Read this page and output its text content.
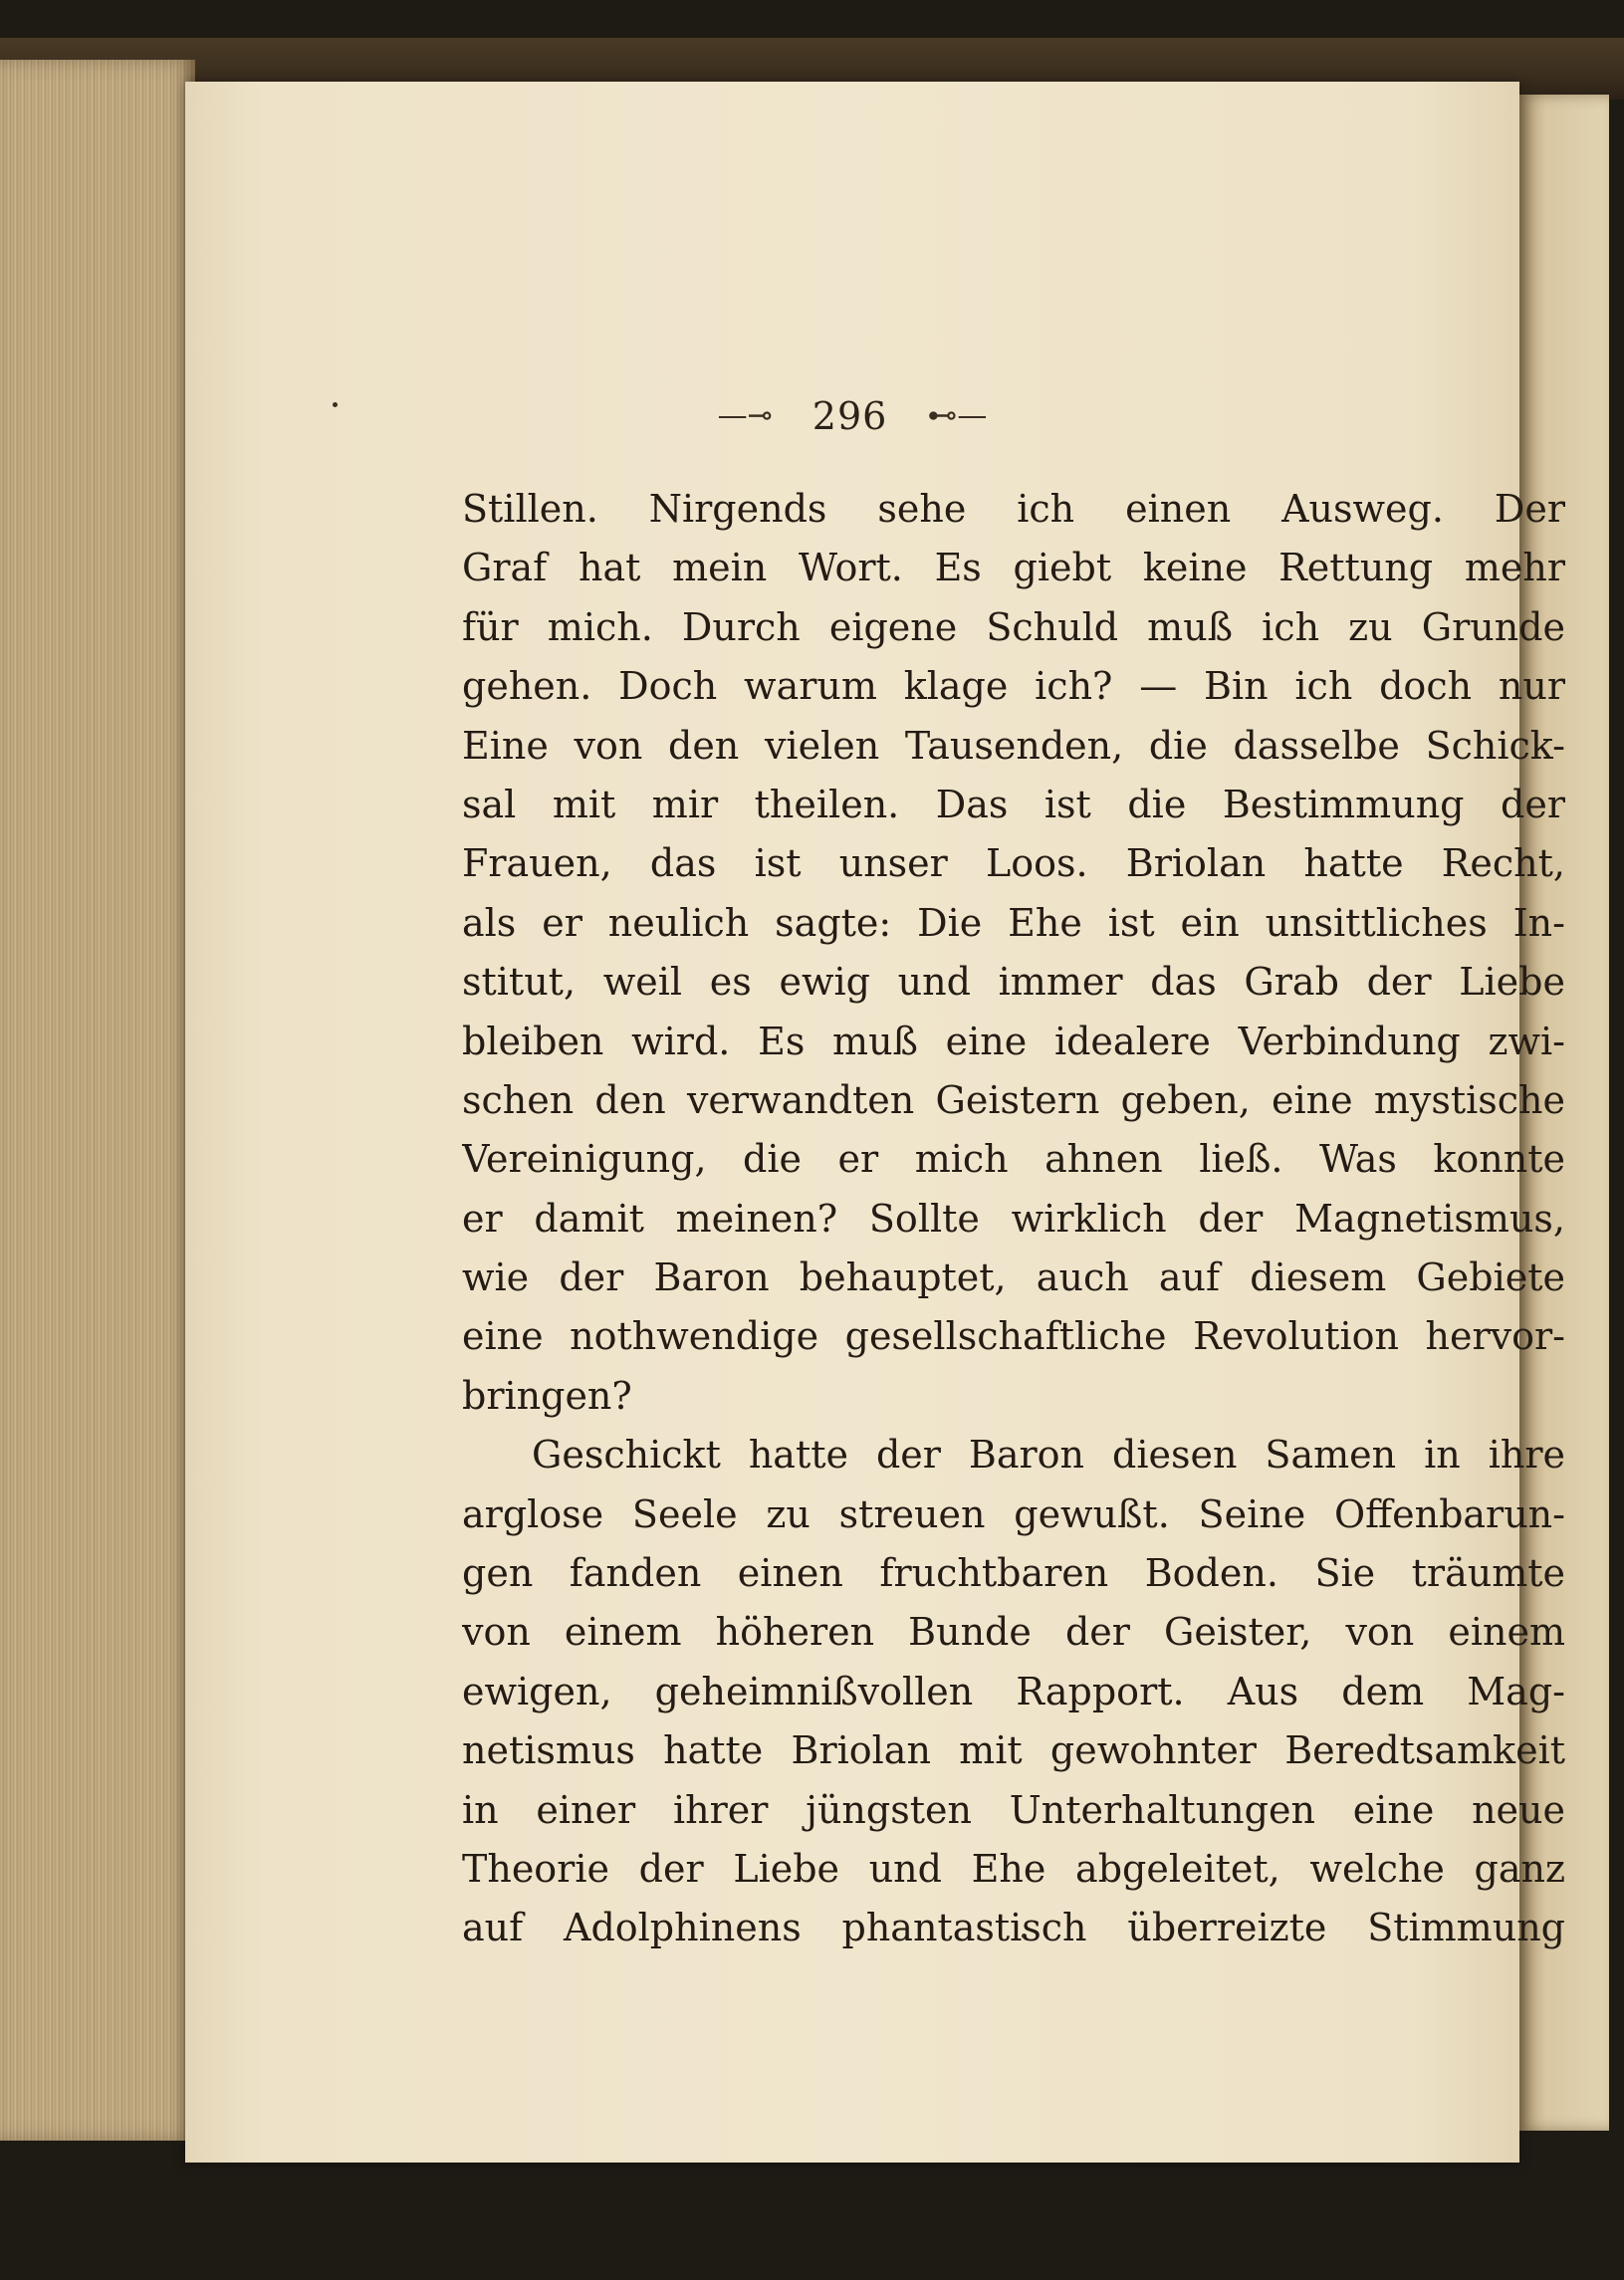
—⊸ 296 ⊷—
Stillen. Nirgends sehe ich einen Ausweg. Der
Graf hat mein Wort. Es giebt keine Rettung mehr
für mich. Durch eigene Schuld muß ich zu Grunde
gehen. Doch warum klage ich? — Bin ich doch nur
Eine von den vielen Tausenden, die dasselbe Schick-
sal mit mir theilen. Das ist die Bestimmung der
Frauen, das ist unser Loos. Briolan hatte Recht,
als er neulich sagte: Die Ehe ist ein unsittliches In-
stitut, weil es ewig und immer das Grab der Liebe
bleiben wird. Es muß eine idealere Verbindung zwi-
schen den verwandten Geistern geben, eine mystische
Vereinigung, die er mich ahnen ließ. Was konnte
er damit meinen? Sollte wirklich der Magnetismus,
wie der Baron behauptet, auch auf diesem Gebiete
eine nothwendige gesellschaftliche Revolution hervor-
bringen?
Geschickt hatte der Baron diesen Samen in ihre
arglose Seele zu streuen gewußt. Seine Offenbarun-
gen fanden einen fruchtbaren Boden. Sie träumte
von einem höheren Bunde der Geister, von einem
ewigen, geheimnißvollen Rapport. Aus dem Mag-
netismus hatte Briolan mit gewohnter Beredtsamkeit
in einer ihrer jüngsten Unterhaltungen eine neue
Theorie der Liebe und Ehe abgeleitet, welche ganz
auf Adolphinens phantastisch überreizte Stimmung
